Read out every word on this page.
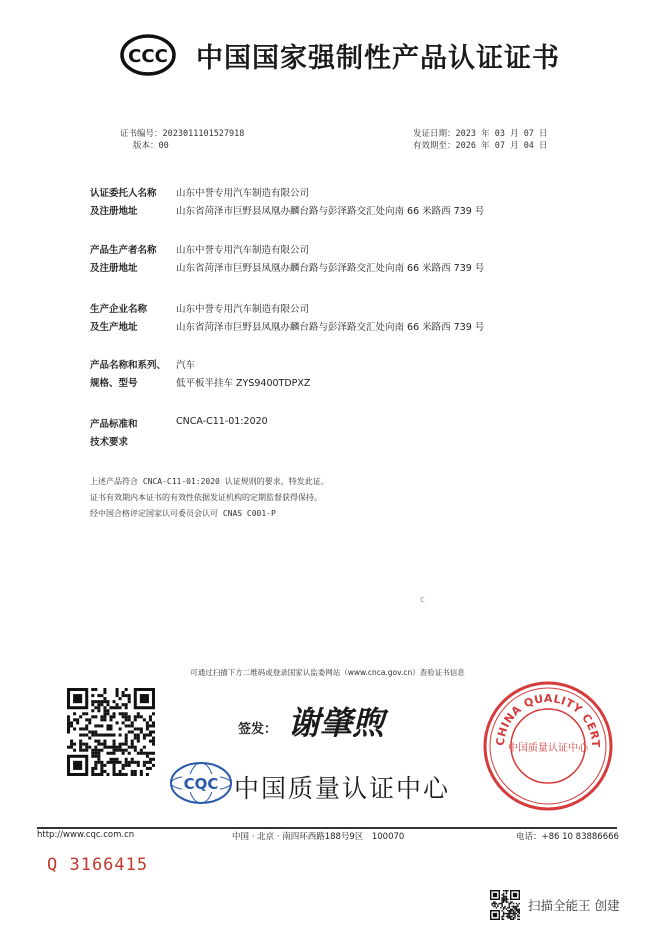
CCC 中国国家强制性产品认证证书
证书编号：2023011101527918
版本：00
发证日期：2023 年 03 月 07 日
有效期至：2026 年 07 月 04 日
认证委托人名称
及注册地址
山东中誉专用汽车制造有限公司
山东省菏泽市巨野县凤凰办麟台路与彭泽路交汇处向南 66 米路西 739 号
产品生产者名称
及注册地址
山东中誉专用汽车制造有限公司
山东省菏泽市巨野县凤凰办麟台路与彭泽路交汇处向南 66 米路西 739 号
生产企业名称
及生产地址
山东中誉专用汽车制造有限公司
山东省菏泽市巨野县凤凰办麟台路与彭泽路交汇处向南 66 米路西 739 号
产品名称和系列、
规格、型号
汽车
低平板半挂车 ZYS9400TDPXZ
产品标准和
技术要求
CNCA-C11-01:2020
上述产品符合 CNCA-C11-01:2020 认证规则的要求，特发此证。
证书有效期内本证书的有效性依据发证机构的定期监督获得保持。
经中国合格评定国家认可委员会认可 CNAS C001-P
c
可通过扫描下方二维码或登录国家认监委网站（www.cnca.gov.cn）查验证书信息
签发： 谢肇煦
CQC 中国质量认证中心
CHINA QUALITY CERT
中国质量认证中心
http://www.cqc.com.cn	中国 · 北京 · 南四环西路188号9区　100070	电话：+86 10 83886666
Q 3166415
扫描全能王 创建
